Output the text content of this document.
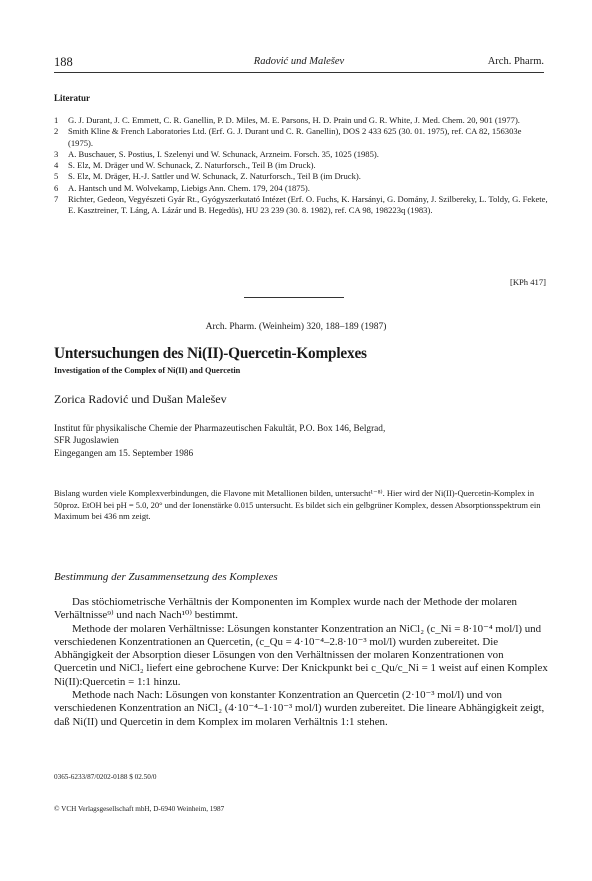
188	Radović und Malešev	Arch. Pharm.
Literatur
1 G. J. Durant, J. C. Emmett, C. R. Ganellin, P. D. Miles, M. E. Parsons, H. D. Prain und G. R. White, J. Med. Chem. 20, 901 (1977).
2 Smith Kline & French Laboratories Ltd. (Erf. G. J. Durant und C. R. Ganellin), DOS 2 433 625 (30. 01. 1975), ref. CA 82, 156303e (1975).
3 A. Buschauer, S. Postius, I. Szelenyi und W. Schunack, Arzneim. Forsch. 35, 1025 (1985).
4 S. Elz, M. Dräger und W. Schunack, Z. Naturforsch., Teil B (im Druck).
5 S. Elz, M. Dräger, H.-J. Sattler und W. Schunack, Z. Naturforsch., Teil B (im Druck).
6 A. Hantsch und M. Wolvekamp, Liebigs Ann. Chem. 179, 204 (1875).
7 Richter, Gedeon, Vegyészeti Gyár Rt., Gyógyszerkutató Intézet (Erf. O. Fuchs, K. Harsányi, G. Domány, J. Szilbereky, L. Toldy, G. Fekete, E. Kasztreiner, T. Láng, A. Lázár und B. Hegedüs), HU 23 239 (30. 8. 1982), ref. CA 98, 198223q (1983).
[KPh 417]
Arch. Pharm. (Weinheim) 320, 188–189 (1987)
Untersuchungen des Ni(II)-Quercetin-Komplexes
Investigation of the Complex of Ni(II) and Quercetin
Zorica Radović und Dušan Malešev
Institut für physikalische Chemie der Pharmazeutischen Fakultät, P.O. Box 146, Belgrad,
SFR Jugoslawien
Eingegangen am 15. September 1986
Bislang wurden viele Komplexverbindungen, die Flavone mit Metallionen bilden, untersucht¹⁻⁸⁾. Hier wird der Ni(II)-Quercetin-Komplex in 50proz. EtOH bei pH = 5.0, 20° und der Ionenstärke 0.015 untersucht. Es bildet sich ein gelbgrüner Komplex, dessen Absorptionsspektrum ein Maximum bei 436 nm zeigt.
Bestimmung der Zusammensetzung des Komplexes

Das stöchiometrische Verhältnis der Komponenten im Komplex wurde nach der Methode der molaren Verhältnisse⁹⁾ und nach Nach¹⁰⁾ bestimmt.

Methode der molaren Verhältnisse: Lösungen konstanter Konzentration an NiCl₂ (c_Ni = 8·10⁻⁴ mol/l) und verschiedenen Konzentrationen an Quercetin, (c_Qu = 4·10⁻⁴–2.8·10⁻³ mol/l) wurden zubereitet. Die Abhängigkeit der Absorption dieser Lösungen von den Verhältnissen der molaren Konzentrationen von Quercetin und NiCl₂ liefert eine gebrochene Kurve: Der Knickpunkt bei c_Qu/c_Ni = 1 weist auf einen Komplex Ni(II):Quercetin = 1:1 hinzu.

Methode nach Nach: Lösungen von konstanter Konzentration an Quercetin (2·10⁻³ mol/l) und von verschiedenen Konzentration an NiCl₂ (4·10⁻⁴–1·10⁻³ mol/l) wurden zubereitet. Die lineare Abhängigkeit zeigt, daß Ni(II) und Quercetin in dem Komplex im molaren Verhältnis 1:1 stehen.

0365-6233/87/0202-0188 $ 02.50/0
© VCH Verlagsgesellschaft mbH, D-6940 Weinheim, 1987
